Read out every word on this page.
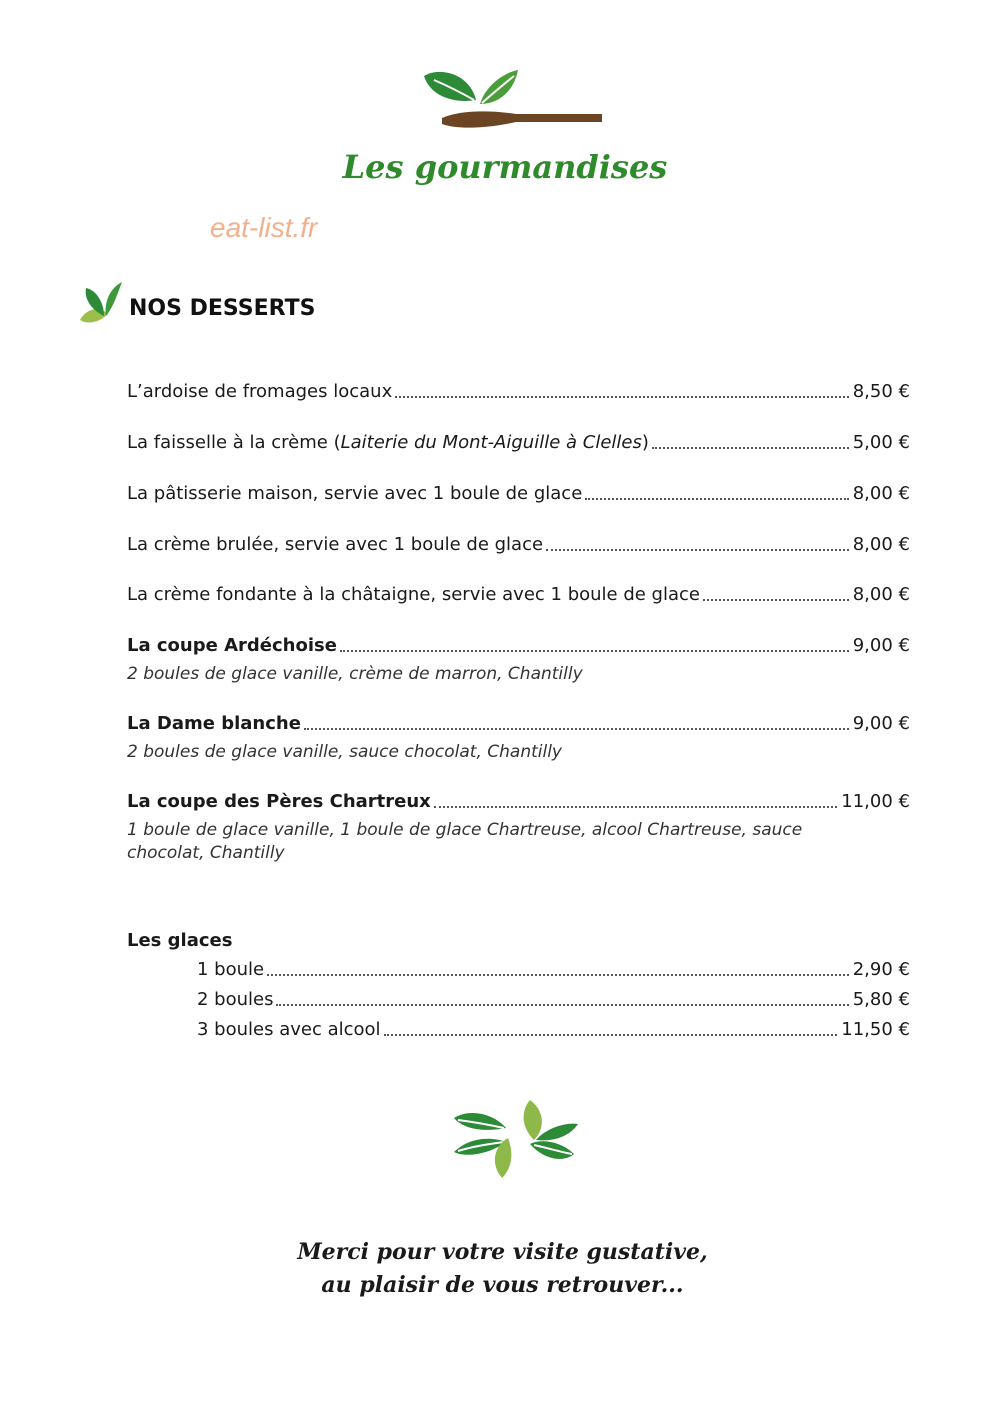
Les gourmandises
eat-list.fr
NOS DESSERTS
L’ardoise de fromages locaux	8,50 €
La faisselle à la crème (Laiterie du Mont-Aiguille à Clelles)	5,00 €
La pâtisserie maison, servie avec 1 boule de glace	8,00 €
La crème brulée, servie avec 1 boule de glace	8,00 €
La crème fondante à la châtaigne, servie avec 1 boule de glace	8,00 €
La coupe Ardéchoise	9,00 €
2 boules de glace vanille, crème de marron, Chantilly
La Dame blanche	9,00 €
2 boules de glace vanille, sauce chocolat, Chantilly
La coupe des Pères Chartreux	11,00 €
1 boule de glace vanille, 1 boule de glace Chartreuse, alcool Chartreuse, sauce chocolat, Chantilly
Les glaces
1 boule	2,90 €
2 boules	5,80 €
3 boules avec alcool	11,50 €
Merci pour votre visite gustative,
au plaisir de vous retrouver...
